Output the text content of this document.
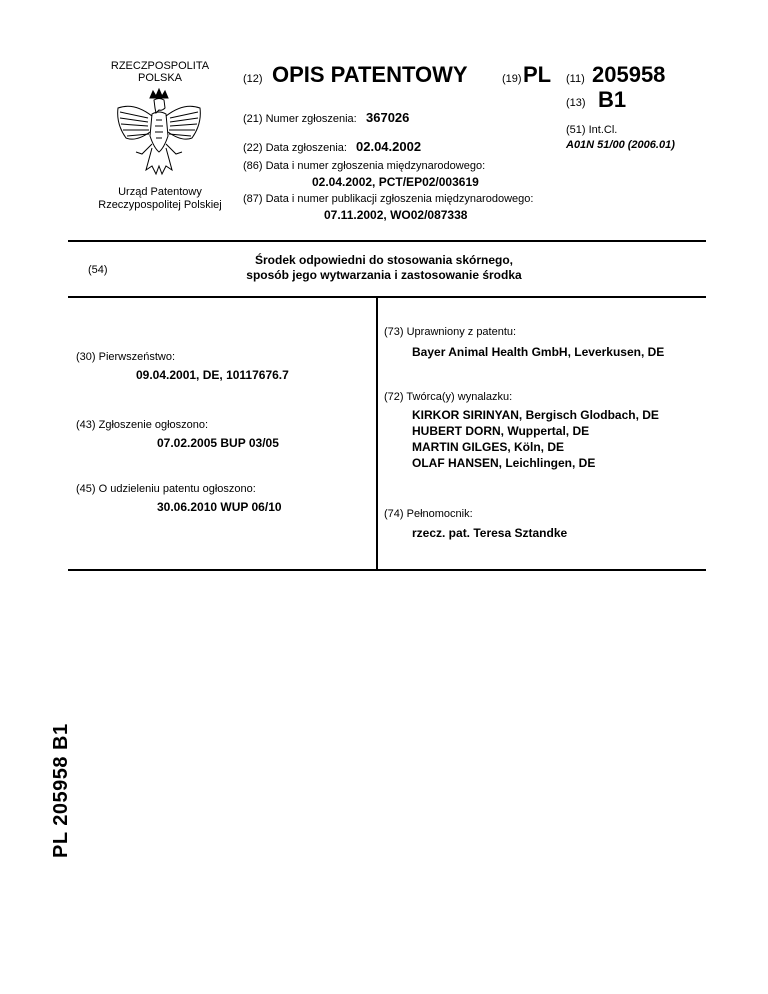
RZECZPOSPOLITA
POLSKA
Urząd Patentowy
Rzeczypospolitej Polskiej
(12) OPIS PATENTOWY	(19) PL (11) 205958
(13) B1
(21) Numer zgłoszenia: 367026
(22) Data zgłoszenia: 02.04.2002
(51) Int.Cl.
A01N 51/00 (2006.01)
(86) Data i numer zgłoszenia międzynarodowego:
02.04.2002, PCT/EP02/003619
(87) Data i numer publikacji zgłoszenia międzynarodowego:
07.11.2002, WO02/087338
(54)
Środek odpowiedni do stosowania skórnego,
sposób jego wytwarzania i zastosowanie środka
(30) Pierwszeństwo:
09.04.2001, DE, 10117676.7
(43) Zgłoszenie ogłoszono:
07.02.2005 BUP 03/05
(45) O udzieleniu patentu ogłoszono:
30.06.2010 WUP 06/10
(73) Uprawniony z patentu:
Bayer Animal Health GmbH, Leverkusen, DE
(72) Twórca(y) wynalazku:
KIRKOR SIRINYAN, Bergisch Glodbach, DE
HUBERT DORN, Wuppertal, DE
MARTIN GILGES, Köln, DE
OLAF HANSEN, Leichlingen, DE
(74) Pełnomocnik:
rzecz. pat. Teresa Sztandke
PL 205958 B1
